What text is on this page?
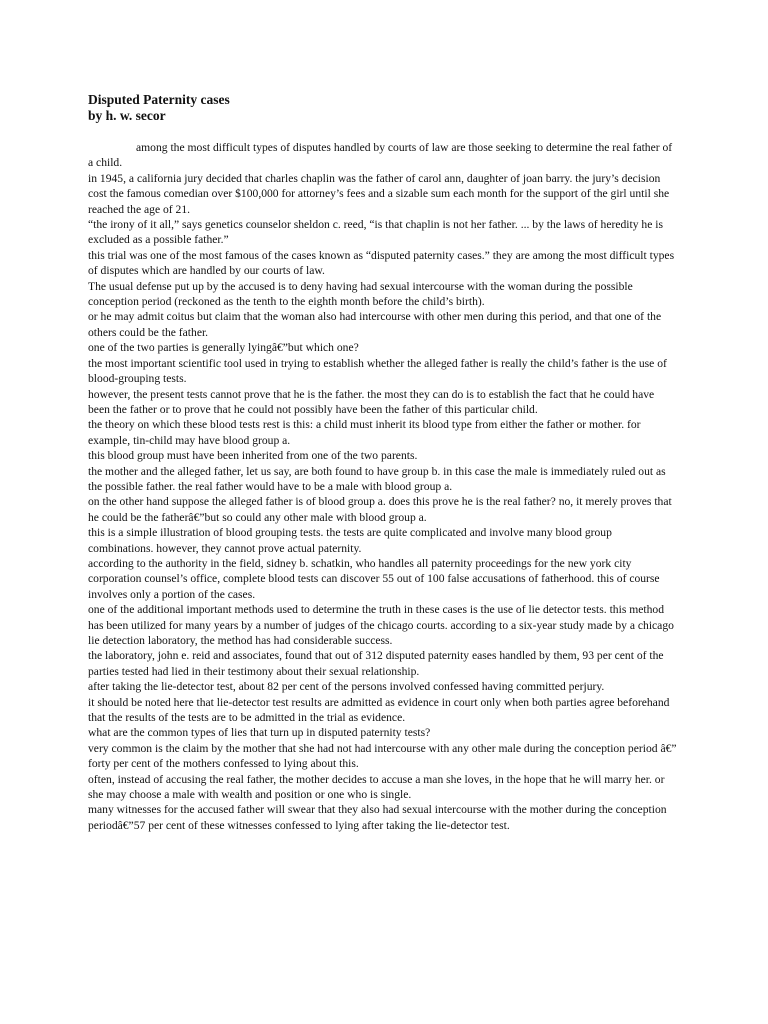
Disputed Paternity cases
by h. w. secor

among the most difficult types of disputes handled by courts of law are those seeking to determine the real father of a child.

in 1945, a california jury decided that charles chaplin was the father of carol ann, daughter of joan barry. the jury’s decision cost the famous comedian over $100,000 for attorney’s fees and a sizable sum each month for the support of the girl until she reached the age of 21.

“the irony of it all,” says genetics counselor sheldon c. reed, “is that chaplin is not her father. ... by the laws of heredity he is excluded as a possible father.”

this trial was one of the most famous of the cases known as “disputed paternity cases.” they are among the most difficult types of disputes which are handled by our courts of law.

The usual defense put up by the accused is to deny having had sexual intercourse with the woman during the possible conception period (reckoned as the tenth to the eighth month before the child’s birth).

or he may admit coitus but claim that the woman also had intercourse with other men during this period, and that one of the others could be the father.

one of the two parties is generally lyingâ€”but which one?

the most important scientific tool used in trying to establish whether the alleged father is really the child’s father is the use of blood-grouping tests.

however, the present tests cannot prove that he is the father. the most they can do is to establish the fact that he could have been the father or to prove that he could not possibly have been the father of this particular child.

the theory on which these blood tests rest is this: a child must inherit its blood type from either the father or mother. for example, tin-child may have blood group a.

this blood group must have been inherited from one of the two parents.

the mother and the alleged father, let us say, are both found to have group b. in this case the male is immediately ruled out as the possible father. the real father would have to be a male with blood group a.

on the other hand suppose the alleged father is of blood group a. does this prove he is the real father? no, it merely proves that he could be the fatherâ€”but so could any other male with blood group a.

this is a simple illustration of blood grouping tests. the tests are quite complicated and involve many blood group combinations. however, they cannot prove actual paternity.

according to the authority in the field, sidney b. schatkin, who handles all paternity proceedings for the new york city corporation counsel’s office, complete blood tests can discover 55 out of 100 false accusations of fatherhood. this of course involves only a portion of the cases.

one of the additional important methods used to determine the truth in these cases is the use of lie detector tests. this method has been utilized for many years by a number of judges of the chicago courts. according to a six-year study made by a chicago lie detection laboratory, the method has had considerable success.

the laboratory, john e. reid and associates, found that out of 312 disputed paternity eases handled by them, 93 per cent of the parties tested had lied in their testimony about their sexual relationship.

after taking the lie-detector test, about 82 per cent of the persons involved confessed having committed perjury.

it should be noted here that lie-detector test results are admitted as evidence in court only when both parties agree beforehand that the results of the tests are to be admitted in the trial as evidence.

what are the common types of lies that turn up in disputed paternity tests?

very common is the claim by the mother that she had not had intercourse with any other male during the conception period â€” forty per cent of the mothers confessed to lying about this.

often, instead of accusing the real father, the mother decides to accuse a man she loves, in the hope that he will marry her. or she may choose a male with wealth and position or one who is single.

many witnesses for the accused father will swear that they also had sexual intercourse with the mother during the conception periodâ€”57 per cent of these witnesses confessed to lying after taking the lie-detector test.
